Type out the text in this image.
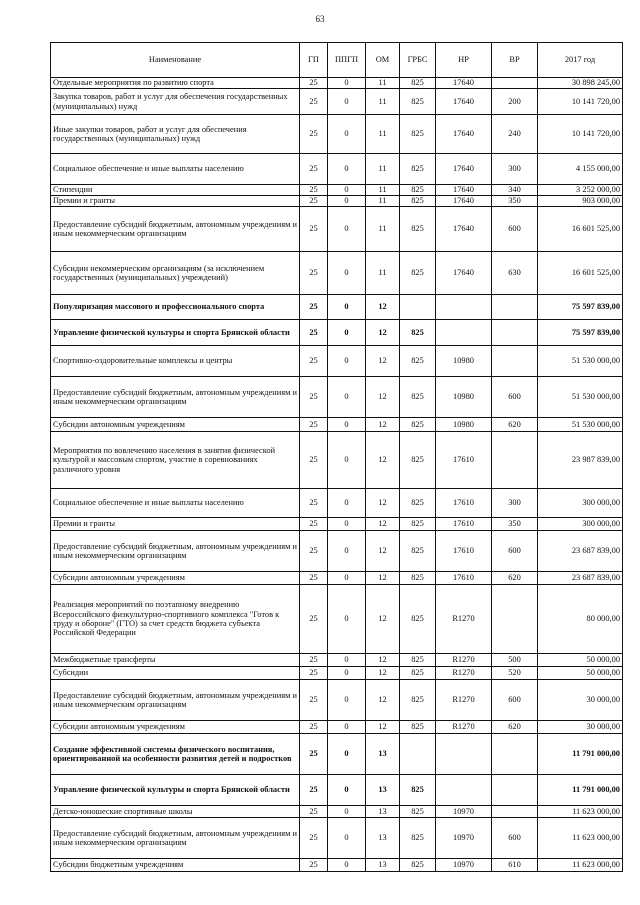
63
Наименование	ГП	ППГП	ОМ	ГРБС	НР	ВР	2017 год
Отдельные мероприятия по развитию спорта	25	0	11	825	17640		30 898 245,00
Закупка товаров, работ и услуг для обеспечения государственных (муниципальных) нужд	25	0	11	825	17640	200	10 141 720,00
Иные закупки товаров, работ и услуг для обеспечения государственных (муниципальных) нужд	25	0	11	825	17640	240	10 141 720,00
Социальное обеспечение и иные выплаты населению	25	0	11	825	17640	300	4 155 000,00
Стипендии	25	0	11	825	17640	340	3 252 000,00
Премии и гранты	25	0	11	825	17640	350	903 000,00
Предоставление субсидий бюджетным, автономным учреждениям и иным некоммерческим организациям	25	0	11	825	17640	600	16 601 525,00
Субсидии некоммерческим организациям (за исключением государственных (муниципальных) учреждений)	25	0	11	825	17640	630	16 601 525,00
Популяризация массового и профессионального спорта	25	0	12				75 597 839,00
Управление физической культуры и спорта Брянской области	25	0	12	825			75 597 839,00
Спортивно-оздоровительные комплексы и центры	25	0	12	825	10980		51 530 000,00
Предоставление субсидий бюджетным, автономным учреждениям и иным некоммерческим организациям	25	0	12	825	10980	600	51 530 000,00
Субсидии автономным учреждениям	25	0	12	825	10980	620	51 530 000,00
Мероприятия по вовлечению населения в занятия физической культурой и массовым спортом, участие в соревнованиях различного уровня	25	0	12	825	17610		23 987 839,00
Социальное обеспечение и иные выплаты населению	25	0	12	825	17610	300	300 000,00
Премии и гранты	25	0	12	825	17610	350	300 000,00
Предоставление субсидий бюджетным, автономным учреждениям и иным некоммерческим организациям	25	0	12	825	17610	600	23 687 839,00
Субсидии автономным учреждениям	25	0	12	825	17610	620	23 687 839,00
Реализация мероприятий по поэтапному внедрению Всероссийского физкультурно-спортивного комплекса "Готов к труду и обороне" (ГТО) за счет средств бюджета субъекта Российской Федерации	25	0	12	825	R1270		80 000,00
Межбюджетные трансферты	25	0	12	825	R1270	500	50 000,00
Субсидии	25	0	12	825	R1270	520	50 000,00
Предоставление субсидий бюджетным, автономным учреждениям и иным некоммерческим организациям	25	0	12	825	R1270	600	30 000,00
Субсидии автономным учреждениям	25	0	12	825	R1270	620	30 000,00
Создание эффективной системы физического воспитания, ориентированной на особенности развития детей и подростков	25	0	13				11 791 000,00
Управление физической культуры и спорта Брянской области	25	0	13	825			11 791 000,00
Детско-юношеские спортивные школы	25	0	13	825	10970		11 623 000,00
Предоставление субсидий бюджетным, автономным учреждениям и иным некоммерческим организациям	25	0	13	825	10970	600	11 623 000,00
Субсидии бюджетным учреждениям	25	0	13	825	10970	610	11 623 000,00
